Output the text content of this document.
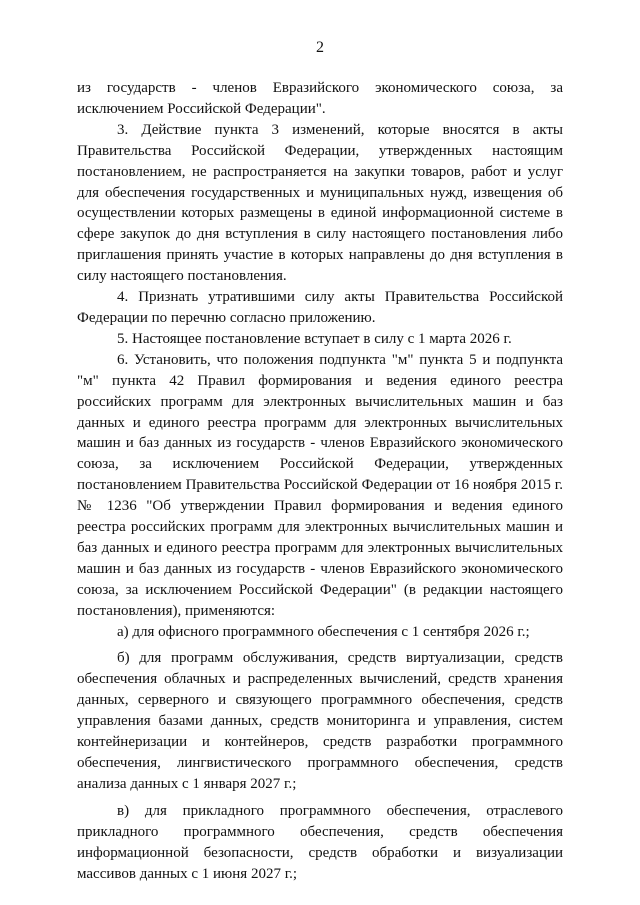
2

из государств - членов Евразийского экономического союза, за исключением Российской Федерации".

3. Действие пункта 3 изменений, которые вносятся в акты Правительства Российской Федерации, утвержденных настоящим постановлением, не распространяется на закупки товаров, работ и услуг для обеспечения государственных и муниципальных нужд, извещения об осуществлении которых размещены в единой информационной системе в сфере закупок до дня вступления в силу настоящего постановления либо приглашения принять участие в которых направлены до дня вступления в силу настоящего постановления.

4. Признать утратившими силу акты Правительства Российской Федерации по перечню согласно приложению.

5. Настоящее постановление вступает в силу с 1 марта 2026 г.

6. Установить, что положения подпункта "м" пункта 5 и подпункта "м" пункта 42 Правил формирования и ведения единого реестра российских программ для электронных вычислительных машин и баз данных и единого реестра программ для электронных вычислительных машин и баз данных из государств - членов Евразийского экономического союза, за исключением Российской Федерации, утвержденных постановлением Правительства Российской Федерации от 16 ноября 2015 г. № 1236 "Об утверждении Правил формирования и ведения единого реестра российских программ для электронных вычислительных машин и баз данных и единого реестра программ для электронных вычислительных машин и баз данных из государств - членов Евразийского экономического союза, за исключением Российской Федерации" (в редакции настоящего постановления), применяются:

а) для офисного программного обеспечения с 1 сентября 2026 г.;

б) для программ обслуживания, средств виртуализации, средств обеспечения облачных и распределенных вычислений, средств хранения данных, серверного и связующего программного обеспечения, средств управления базами данных, средств мониторинга и управления, систем контейнеризации и контейнеров, средств разработки программного обеспечения, лингвистического программного обеспечения, средств анализа данных с 1 января 2027 г.;

в) для прикладного программного обеспечения, отраслевого прикладного программного обеспечения, средств обеспечения информационной безопасности, средств обработки и визуализации массивов данных с 1 июня 2027 г.;
